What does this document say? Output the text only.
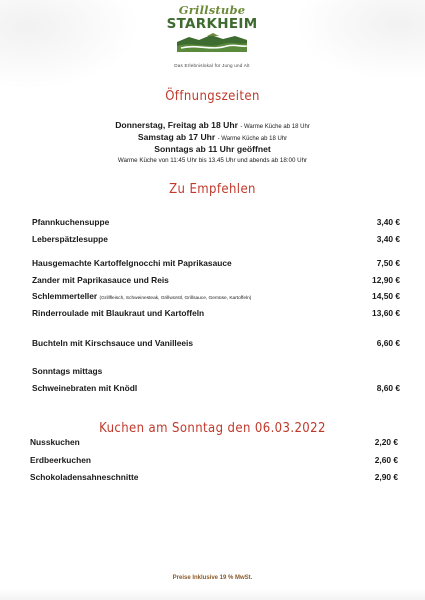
Grillstube
STARKHEIM
Das Erlebnislokal für Jung und Alt
Öffnungszeiten
Donnerstag, Freitag ab 18 Uhr - Warme Küche ab 18 Uhr
Samstag ab 17 Uhr - Warme Küche ab 18 Uhr
Sonntags ab 11 Uhr geöffnet
Warme Küche von 11:45 Uhr bis 13.45 Uhr und abends ab 18:00 Uhr
Zu Empfehlen
Pfannkuchensuppe	3,40 €
Leberspätzlesuppe	3,40 €
Hausgemachte Kartoffelgnocchi mit Paprikasauce	7,50 €
Zander mit Paprikasauce und Reis	12,90 €
Schlemmerteller (Grillfleisch, Schweinesteak, Grillwürstl, Grillsauce, Gemüse, Kartoffeln)	14,50 €
Rinderroulade mit Blaukraut und Kartoffeln	13,60 €
Buchteln mit Kirschsauce und Vanilleeis	6,60 €
Sonntags mittags
Schweinebraten mit Knödl	8,60 €
Kuchen am Sonntag den 06.03.2022
Nusskuchen	2,20 €
Erdbeerkuchen	2,60 €
Schokoladensahneschnitte	2,90 €
Preise Inklusive 19 % MwSt.
